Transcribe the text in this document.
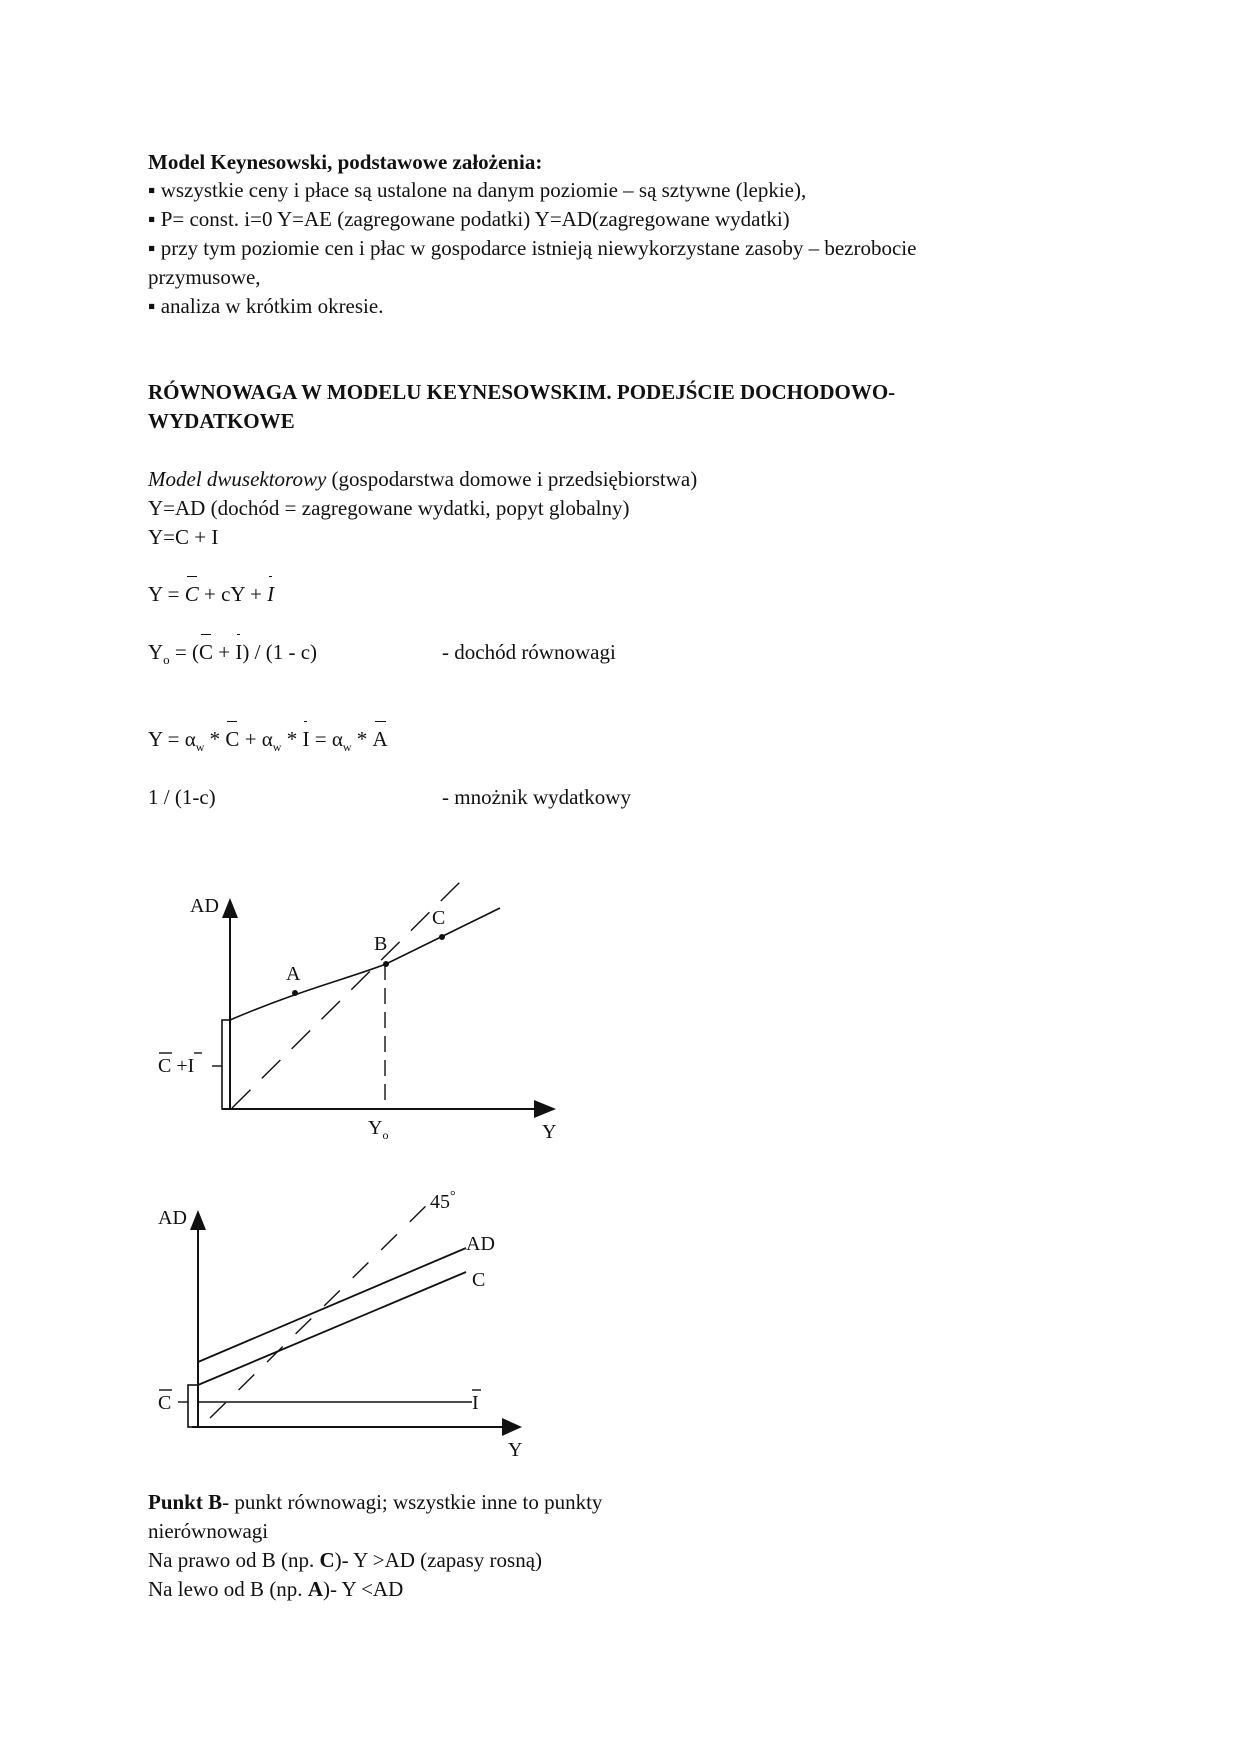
Model Keynesowski, podstawowe założenia:
▪ wszystkie ceny i płace są ustalone na danym poziomie – są sztywne (lepkie),
▪ P= const. i=0 Y=AE (zagregowane podatki) Y=AD(zagregowane wydatki)
▪ przy tym poziomie cen i płac w gospodarce istnieją niewykorzystane zasoby – bezrobocie
przymusowe,
▪ analiza w krótkim okresie.
RÓWNOWAGA W MODELU KEYNESOWSKIM. PODEJŚCIE DOCHODOWO-
WYDATKOWE
Model dwusektorowy (gospodarstwa domowe i przedsiębiorstwa)
Y=AD (dochód = zagregowane wydatki, popyt globalny)
Y=C + I
Y = C + cY + I
$Y_o = (C + I) / (1 - c)$	- dochód równowagi
$Y = \alpha_w * C + \alpha_w * I = \alpha_w * A$
1 / (1-c)	- mnożnik wydatkowy
AD
Y
A
B
C
$Y_o$
C +I
AD
Y
45°
AD
C
I
C
Punkt B- punkt równowagi; wszystkie inne to punkty
nierównowagi
Na prawo od B (np. C)- Y >AD (zapasy rosną)
Na lewo od B (np. A)- Y <AD
